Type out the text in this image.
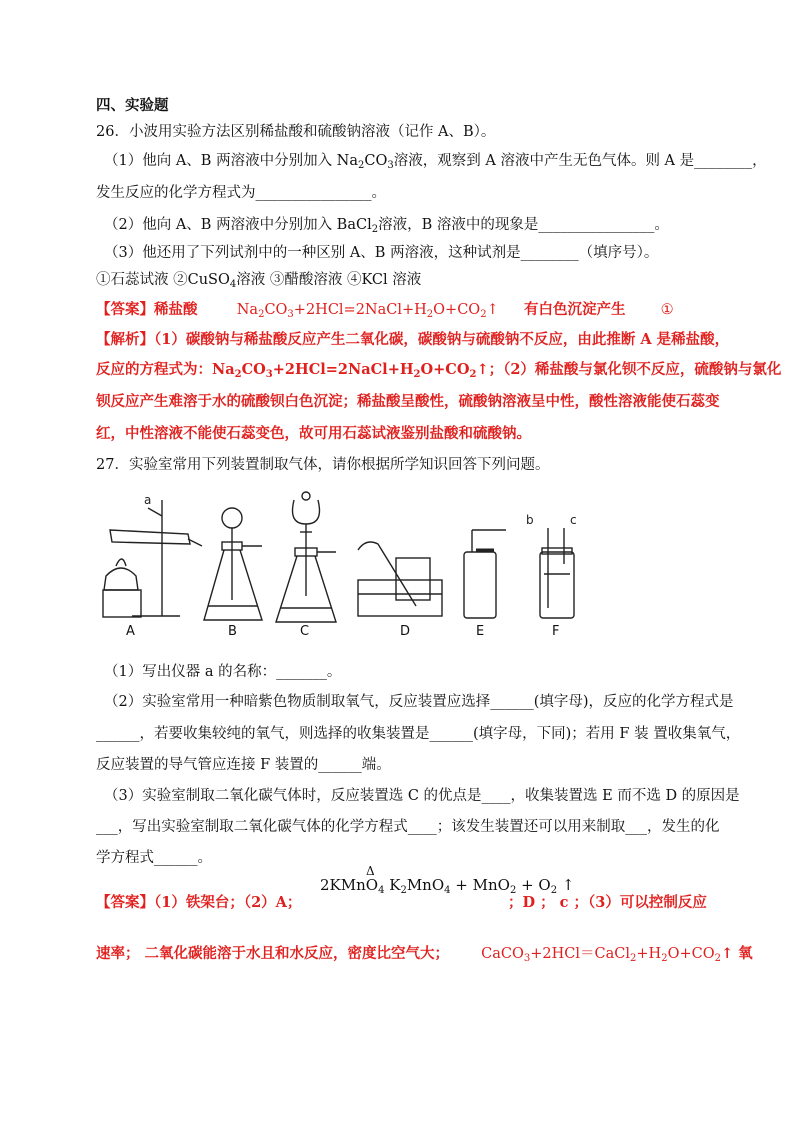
四、实验题
26．小波用实验方法区别稀盐酸和硫酸钠溶液（记作 A、B）。
（1）他向 A、B 两溶液中分别加入 $Na_2CO_3$溶液，观察到 A 溶液中产生无色气体。则 A 是________，
发生反应的化学方程式为________________。
（2）他向 A、B 两溶液中分别加入 BaCl$_2$溶液，B 溶液中的现象是________________。
（3）他还用了下列试剂中的一种区别 A、B 两溶液，这种试剂是________（填序号）。
①石蕊试液 ②CuSO$_4$溶液 ③醋酸溶液 ④KCl 溶液
【答案】稀盐酸	$Na_2CO_3+2HCl=2NaCl+H_2O+CO_2↑$ 有白色沉淀产生 ①
【解析】（1）碳酸钠与稀盐酸反应产生二氧化碳，碳酸钠与硫酸钠不反应，由此推断 A 是稀盐酸，
反应的方程式为：$Na_2CO_3+2HCl=2NaCl+H_2O+CO_2↑$；（2）稀盐酸与氯化钡不反应，硫酸钠与氯化
钡反应产生难溶于水的硫酸钡白色沉淀；稀盐酸呈酸性，硫酸钠溶液呈中性，酸性溶液能使石蕊变
红，中性溶液不能使石蕊变色，故可用石蕊试液鉴别盐酸和硫酸钠。
27．实验室常用下列装置制取气体，请你根据所学知识回答下列问题。
a
b	c
A	B	C	D	E	F
（1）写出仪器 a 的名称：_______。
（2）实验室常用一种暗紫色物质制取氧气，反应装置应选择______(填字母)，反应的化学方程式是
______，若要收集较纯的氧气，则选择的收集装置是______(填字母，下同)；若用 F 装 置收集氧气，
反应装置的导气管应连接 F 装置的______端。
（3）实验室制取二氧化碳气体时，反应装置选 C 的优点是____，收集装置选 E 而不选 D 的原因是
___，写出实验室制取二氧化碳气体的化学方程式____；该发生装置还可以用来制取___，发生的化
学方程式______。
2KMnO$_4$
Δ
$K_2MnO_4 + MnO_2 + O_2$ ↑
【答案】（1）铁架台；（2）A；	；D ； c ；（3）可以控制反应
速率； 二氧化碳能溶于水且和水反应，密度比空气大； $CaCO_3+2HCl=CaCl_2+H_2O+CO_2↑$ 氧
